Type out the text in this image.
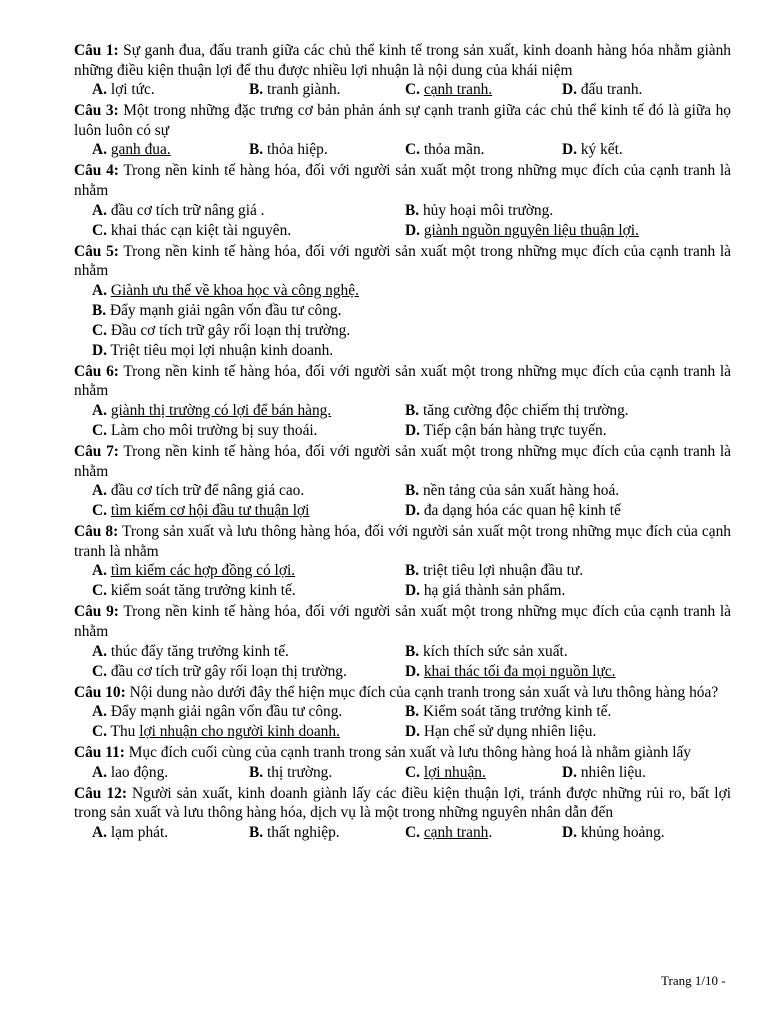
Câu 1: Sự ganh đua, đấu tranh giữa các chủ thể kinh tế trong sản xuất, kinh doanh hàng hóa nhằm giành những điều kiện thuận lợi để thu được nhiều lợi nhuận là nội dung của khái niệm
A. lợi tức.	B. tranh giành.	C. cạnh tranh.	D. đấu tranh.
Câu 3: Một trong những đặc trưng cơ bản phản ánh sự cạnh tranh giữa các chủ thể kinh tế đó là giữa họ luôn luôn có sự
A. ganh đua.	B. thỏa hiệp.	C. thỏa mãn.	D. ký kết.
Câu 4: Trong nền kinh tế hàng hóa, đối với người sản xuất một trong những mục đích của cạnh tranh là nhằm
A. đầu cơ tích trữ nâng giá .	B. hủy hoại môi trường.
C. khai thác cạn kiệt tài nguyên.	D. giành nguồn nguyên liệu thuận lợi.
Câu 5: Trong nền kinh tế hàng hóa, đối với người sản xuất một trong những mục đích của cạnh tranh là nhằm
A. Giành ưu thế về khoa học và công nghệ.
B. Đẩy mạnh giải ngân vốn đầu tư công.
C. Đầu cơ tích trữ gây rối loạn thị trường.
D. Triệt tiêu mọi lợi nhuận kinh doanh.
Câu 6: Trong nền kinh tế hàng hóa, đối với người sản xuất một trong những mục đích của cạnh tranh là nhằm
A. giành thị trường có lợi để bán hàng.	B. tăng cường độc chiếm thị trường.
C. Làm cho môi trường bị suy thoái.	D. Tiếp cận bán hàng trực tuyến.
Câu 7: Trong nền kinh tế hàng hóa, đối với người sản xuất một trong những mục đích của cạnh tranh là nhằm
A. đầu cơ tích trữ để nâng giá cao.	B. nền tảng của sản xuất hàng hoá.
C. tìm kiếm cơ hội đầu tư thuận lợi	D. đa dạng hóa các quan hệ kinh tế
Câu 8: Trong sản xuất và lưu thông hàng hóa, đối với người sản xuất một trong những mục đích của cạnh tranh là nhằm
A. tìm kiếm các hợp đồng có lợi.	B. triệt tiêu lợi nhuận đầu tư.
C. kiểm soát tăng trưởng kinh tế.	D. hạ giá thành sản phẩm.
Câu 9: Trong nền kinh tế hàng hóa, đối với người sản xuất một trong những mục đích của cạnh tranh là nhằm
A. thúc đẩy tăng trưởng kinh tế.	B. kích thích sức sản xuất.
C. đầu cơ tích trữ gây rối loạn thị trường.	D. khai thác tối đa mọi nguồn lực.
Câu 10: Nội dung nào dưới đây thể hiện mục đích của cạnh tranh trong sản xuất và lưu thông hàng hóa?
A. Đẩy mạnh giải ngân vốn đầu tư công.	B. Kiểm soát tăng trưởng kinh tế.
C. Thu lợi nhuận cho người kinh doanh.	D. Hạn chế sử dụng nhiên liệu.
Câu 11: Mục đích cuối cùng của cạnh tranh trong sản xuất và lưu thông hàng hoá là nhằm giành lấy
A. lao động.	B. thị trường.	C. lợi nhuận.	D. nhiên liệu.
Câu 12: Người sản xuất, kinh doanh giành lấy các điều kiện thuận lợi, tránh được những rủi ro, bất lợi trong sản xuất và lưu thông hàng hóa, dịch vụ là một trong những nguyên nhân dẫn đến
A. lạm phát.	B. thất nghiệp.	C. cạnh tranh.	D. khủng hoảng.
Trang 1/10 -
